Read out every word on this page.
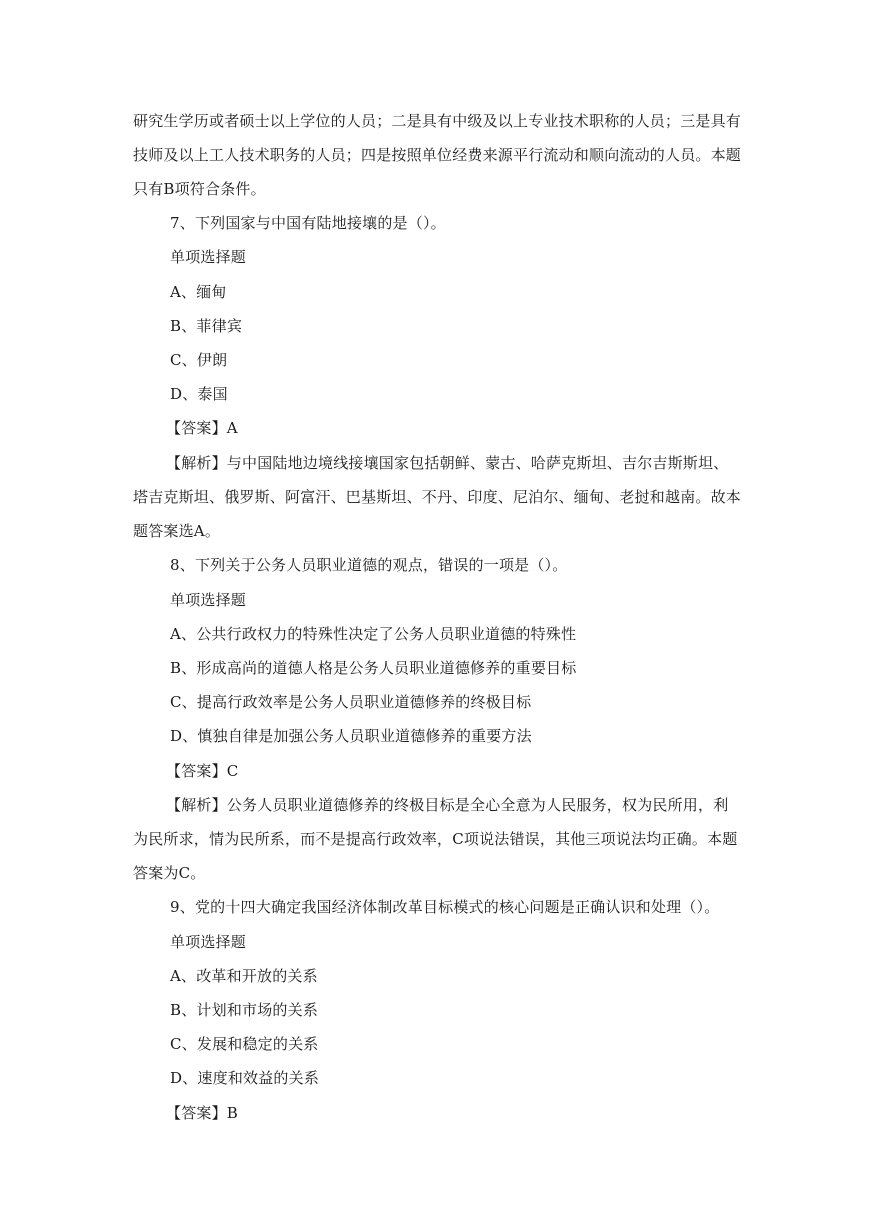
研究生学历或者硕士以上学位的人员；二是具有中级及以上专业技术职称的人员；三是具有
技师及以上工人技术职务的人员；四是按照单位经费来源平行流动和顺向流动的人员。本题
只有B项符合条件。
7、下列国家与中国有陆地接壤的是（）。
单项选择题
A、缅甸
B、菲律宾
C、伊朗
D、泰国
【答案】A
【解析】与中国陆地边境线接壤国家包括朝鲜、蒙古、哈萨克斯坦、吉尔吉斯斯坦、
塔吉克斯坦、俄罗斯、阿富汗、巴基斯坦、不丹、印度、尼泊尔、缅甸、老挝和越南。故本
题答案选A。
8、下列关于公务人员职业道德的观点，错误的一项是（）。
单项选择题
A、公共行政权力的特殊性决定了公务人员职业道德的特殊性
B、形成高尚的道德人格是公务人员职业道德修养的重要目标
C、提高行政效率是公务人员职业道德修养的终极目标
D、慎独自律是加强公务人员职业道德修养的重要方法
【答案】C
【解析】公务人员职业道德修养的终极目标是全心全意为人民服务，权为民所用，利
为民所求，情为民所系，而不是提高行政效率，C项说法错误，其他三项说法均正确。本题
答案为C。
9、党的十四大确定我国经济体制改革目标模式的核心问题是正确认识和处理（）。
单项选择题
A、改革和开放的关系
B、计划和市场的关系
C、发展和稳定的关系
D、速度和效益的关系
【答案】B
